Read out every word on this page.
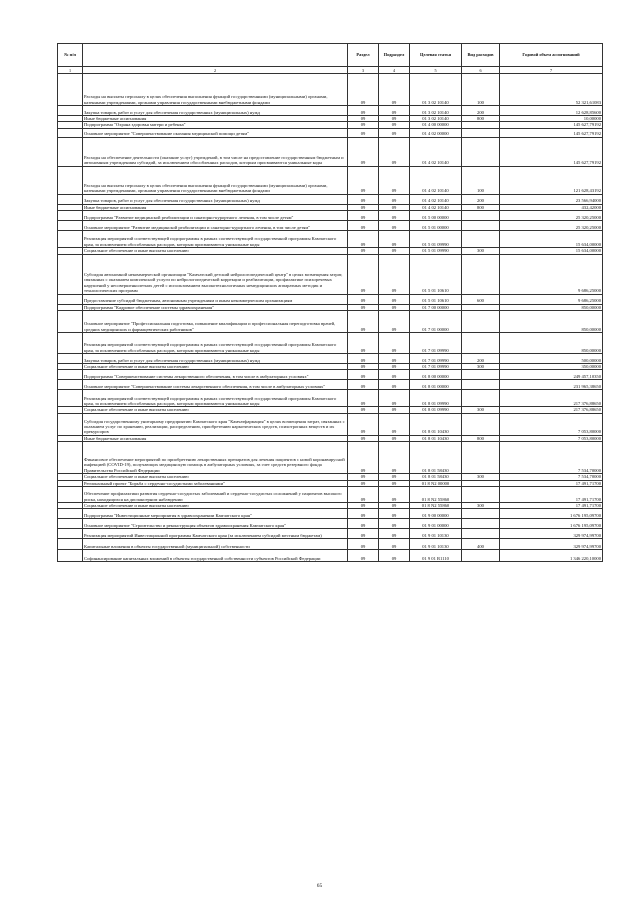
№ п/п		Раздел	Подраздел	Целевая статья	Вид расходов	Годовой объем ассигнований
1	2	3	4	5	6	7
	Расходы на выплаты персоналу в целях обеспечения выполнения функций государственными (муниципальными) органами, казенными учреждениями, органами управления государственными внебюджетными фондами	09	09	01 3 02 10140	100	52 321,61083
	Закупка товаров, работ и услуг для обеспечения государственных (муниципальных) нужд	09	09	01 3 02 10140	200	12 628,85600
	Иные бюджетные ассигнования	09	09	01 3 02 10140	800	10,00000
	Подпрограмма "Охрана здоровья матери и ребенка"	09	09	01 4 00 00000		145 627,79192
	Основное мероприятие "Совершенствование оказания медицинской помощи детям"	09	09	01 4 02 00000		145 627,79192
	Расходы на обеспечение деятельности (оказание услуг) учреждений, в том числе на предоставление государственным бюджетным и автономным учреждениям субсидий, за исключением обособленных расходов, которым присваиваются уникальные коды	09	09	01 4 02 10140		145 627,79192
	Расходы на выплаты персоналу в целях обеспечения выполнения функций государственными (муниципальными) органами, казенными учреждениями, органами управления государственными внебюджетными фондами	09	09	01 4 02 10140	100	121 628,43192
	Закупка товаров, работ и услуг для обеспечения государственных (муниципальных) нужд	09	09	01 4 02 10140	200	23 566,94000
	Иные бюджетные ассигнования	09	09	01 4 02 10140	800	432,42000
	Подпрограмма "Развитие медицинской реабилитации и санаторно-курортного лечения, в том числе детям"	09	09	01 5 00 00000		25 320,25000
	Основное мероприятие "Развитие медицинской реабилитации и санаторно-курортного лечения, в том числе детям"	09	09	01 5 01 00000		25 320,25000
	Реализация мероприятий соответствующей подпрограммы в рамках соответствующей государственной программы Камчатского края, за исключением обособленных расходов, которым присваиваются уникальные коды	09	09	01 5 01 09990		15 634,00000
	Социальное обеспечение и иные выплаты населению	09	09	01 5 01 09990	300	15 634,00000
	Субсидия автономной некоммерческой организации "Камчатский детский нейрологопедический центр" в целях возмещения затрат, связанных с оказанием комплексной услуги по нейрологопедической коррекции и реабилитации, профилактике психоречевых нарушений у несовершеннолетних детей с использованием высокотехнологичных немедицинских аппаратных методик и технологических программ	09	09	01 5 01 10610		9 686,25000
	Предоставление субсидий бюджетным, автономным учреждениям и иным некоммерческим организациям	09	09	01 5 01 10610	600	9 686,25000
	Подпрограмма "Кадровое обеспечение системы здравоохранения"	09	09	01 7 00 00000		850,00000
	Основное мероприятие "Профессиональная подготовка, повышение квалификации и профессиональная переподготовка врачей, средних медицинских и фармацевтических работников"	09	09	01 7 01 00000		850,00000
	Реализация мероприятий соответствующей подпрограммы в рамках соответствующей государственной программы Камчатского края, за исключением обособленных расходов, которым присваиваются уникальные коды	09	09	01 7 01 09990		850,00000
	Закупка товаров, работ и услуг для обеспечения государственных (муниципальных) нужд	09	09	01 7 01 09990	200	500,00000
	Социальное обеспечение и иные выплаты населению	09	09	01 7 01 09990	300	350,00000
	Подпрограмма "Совершенствование системы лекарственного обеспечения, в том числе в амбулаторных условиях"	09	09	01 8 00 00000		249 457,10350
	Основное мероприятие "Совершенствование системы лекарственного обеспечения, в том числе в амбулаторных условиях"	09	09	01 8 01 00000		231 965,38650
	Реализация мероприятий соответствующей подпрограммы в рамках соответствующей государственной программы Камчатского края, за исключением обособленных расходов, которым присваиваются уникальные коды	09	09	01 8 01 09990		217 376,88650
	Социальное обеспечение и иные выплаты населению	09	09	01 8 01 09990	300	217 376,88650
	Субсидия государственному унитарному предприятию Камчатского края "Камчатфармация" в целях возмещения затрат, связанных с оказанием услуг по хранению, реализации, распределению, приобретению наркотических средств, психотропных веществ и их прекурсоров	09	09	01 8 01 10430		7 053,80000
	Иные бюджетные ассигнования	09	09	01 8 01 10430	800	7 053,80000
	Финансовое обеспечение мероприятий по приобретению лекарственных препаратов для лечения пациентов с новой коронавирусной инфекцией (COVID-19), получающих медицинскую помощь в амбулаторных условиях, за счет средств резервного фонда Правительства Российской Федерации	09	09	01 8 01 58430		7 534,70000
	Социальное обеспечение и иные выплаты населению	09	09	01 8 01 58430	300	7 534,70000
	Региональный проект "Борьба с сердечно-сосудистыми заболеваниями"	09	09	01 8 N2 00000		17 491,71700
	Обеспечение профилактики развития сердечно-сосудистых заболеваний и сердечно-сосудистых осложнений у пациентов высокого риска, находящихся на диспансерном наблюдении	09	09	01 8 N2 55860		17 491,71700
	Социальное обеспечение и иные выплаты населению	09	09	01 8 N2 55860	300	17 491,71700
	Подпрограмма "Инвестиционные мероприятия в здравоохранении Камчатского края"	09	09	01 9 00 00000		1 676 195,09700
	Основное мероприятие "Строительство и реконструкция объектов здравоохранения Камчатского края"	09	09	01 9 01 00000		1 676 195,09700
	Реализация мероприятий Инвестиционной программы Камчатского края (за исключением субсидий местным бюджетам)	09	09	01 9 01 10130		329 974,99700
	Капитальные вложения в объекты государственной (муниципальной) собственности	09	09	01 9 01 10130	400	329 974,99700
	Софинансирование капитальных вложений в объекты государственной собственности субъектов Российской Федерации	09	09	01 9 01 R1110		1 346 220,10000
65
